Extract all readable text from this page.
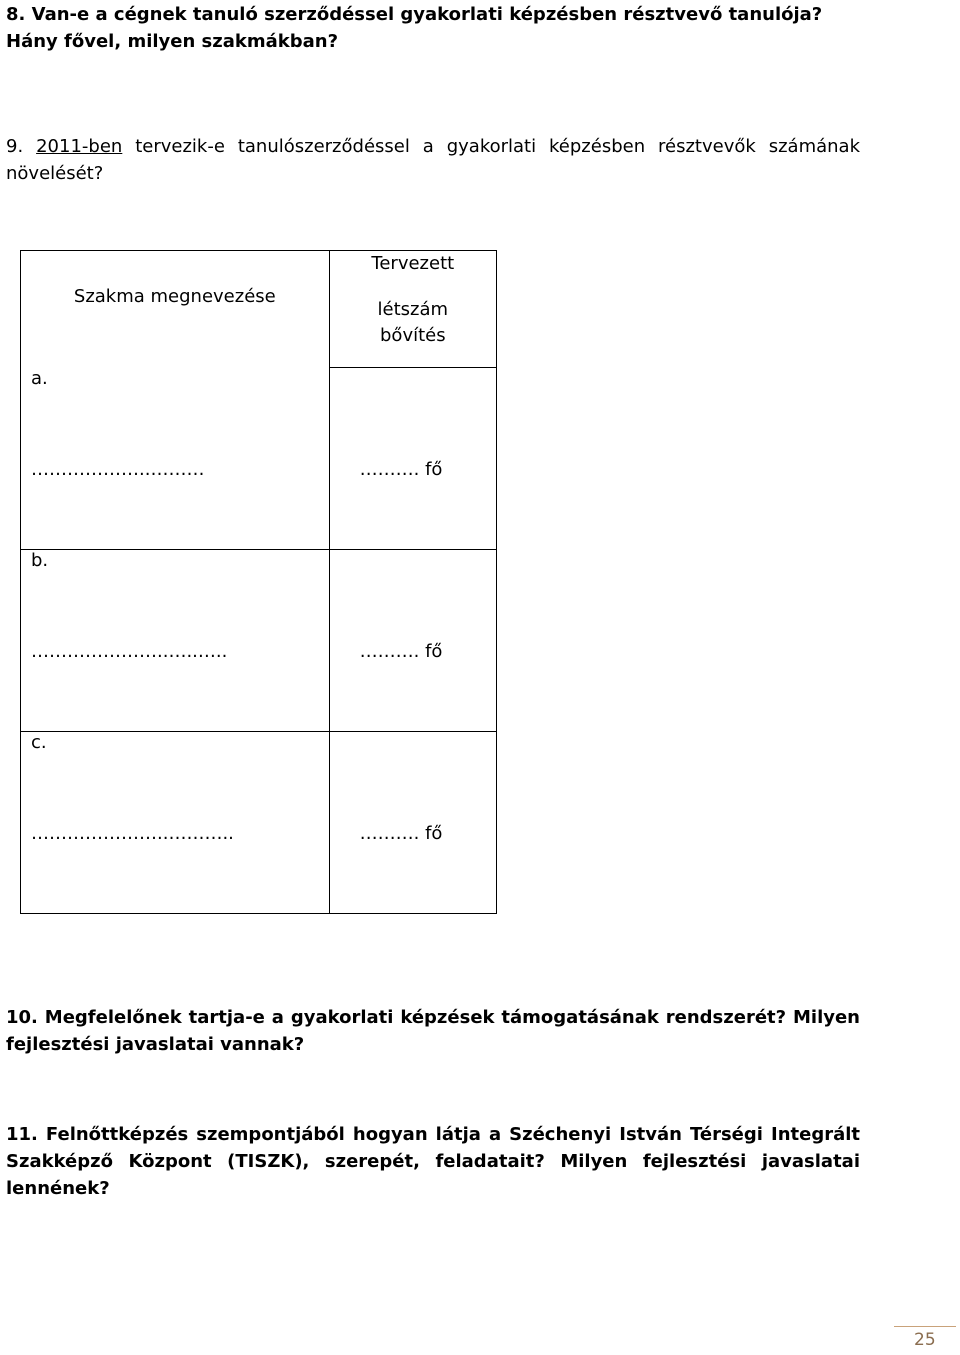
8. Van-e a cégnek tanuló szerződéssel gyakorlati képzésben résztvevő tanulója?
Hány fővel, milyen szakmákban?
9. 2011-ben tervezik-e tanulószerződéssel a gyakorlati képzésben résztvevők számának növelését?
Szakma megnevezése	Tervezett
létszám bővítés

a.
………………..………	………. fő

b.
…………………..…..…..	………. fő

c.
…………………..………..	………. fő
10. Megfelelőnek tartja-e a gyakorlati képzések támogatásának rendszerét? Milyen fejlesztési javaslatai vannak?
11. Felnőttképzés szempontjából hogyan látja a Széchenyi István Térségi Integrált Szakképző Központ (TISZK), szerepét, feladatait? Milyen fejlesztési javaslatai lennének?
25
